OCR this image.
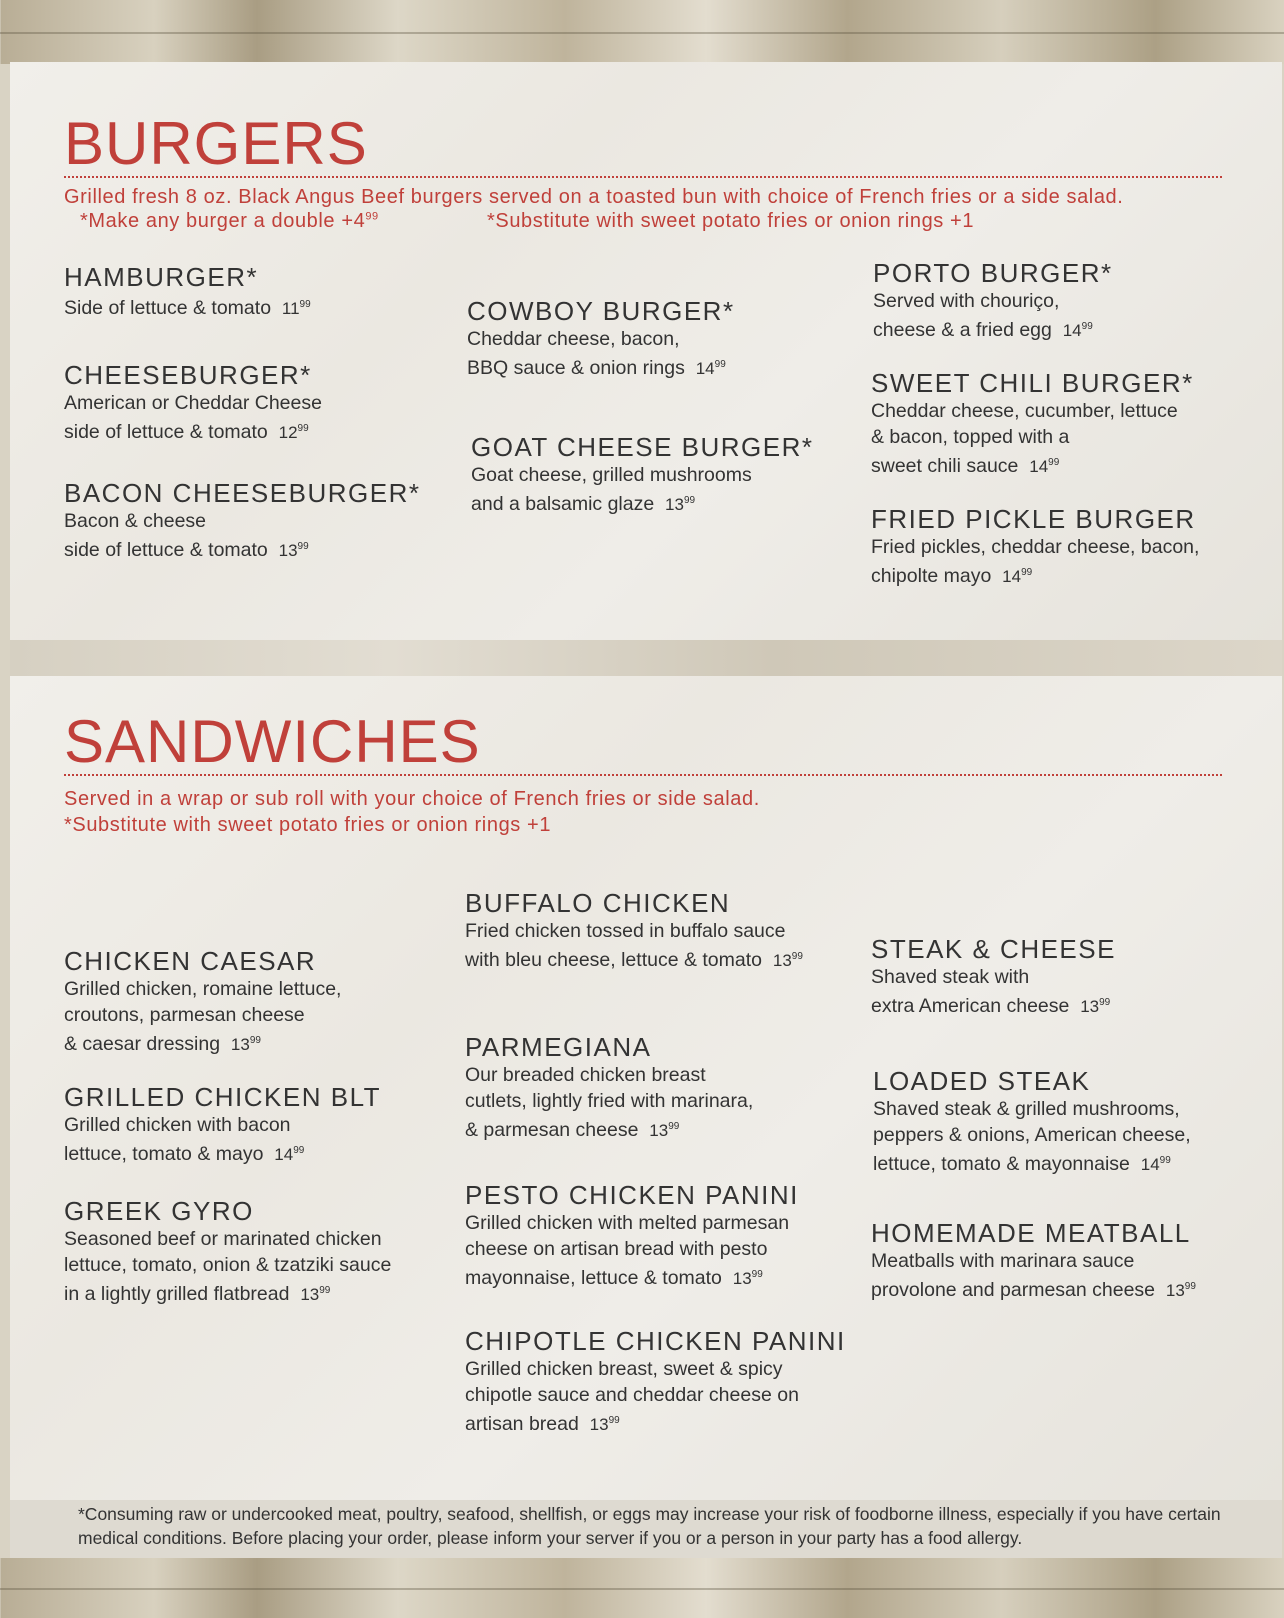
BURGERS
Grilled fresh 8 oz. Black Angus Beef burgers served on a toasted bun with choice of French fries or a side salad.
*Make any burger a double $+4^{99}$	*Substitute with sweet potato fries or onion rings +1
HAMBURGER*
Side of lettuce & tomato $11^{99}$
CHEESEBURGER*
American or Cheddar Cheese
side of lettuce & tomato $12^{99}$
BACON CHEESEBURGER*
Bacon & cheese
side of lettuce & tomato $13^{99}$
COWBOY BURGER*
Cheddar cheese, bacon,
BBQ sauce & onion rings $14^{99}$
GOAT CHEESE BURGER*
Goat cheese, grilled mushrooms
and a balsamic glaze $13^{99}$
PORTO BURGER*
Served with chouriço,
cheese & a fried egg $14^{99}$
SWEET CHILI BURGER*
Cheddar cheese, cucumber, lettuce
& bacon, topped with a
sweet chili sauce $14^{99}$
FRIED PICKLE BURGER
Fried pickles, cheddar cheese, bacon,
chipolte mayo $14^{99}$
SANDWICHES
Served in a wrap or sub roll with your choice of French fries or side salad.
*Substitute with sweet potato fries or onion rings +1
CHICKEN CAESAR
Grilled chicken, romaine lettuce,
croutons, parmesan cheese
& caesar dressing $13^{99}$
GRILLED CHICKEN BLT
Grilled chicken with bacon
lettuce, tomato & mayo $14^{99}$
GREEK GYRO
Seasoned beef or marinated chicken
lettuce, tomato, onion & tzatziki sauce
in a lightly grilled flatbread $13^{99}$
BUFFALO CHICKEN
Fried chicken tossed in buffalo sauce
with bleu cheese, lettuce & tomato $13^{99}$
PARMEGIANA
Our breaded chicken breast
cutlets, lightly fried with marinara,
& parmesan cheese $13^{99}$
PESTO CHICKEN PANINI
Grilled chicken with melted parmesan
cheese on artisan bread with pesto
mayonnaise, lettuce & tomato $13^{99}$
CHIPOTLE CHICKEN PANINI
Grilled chicken breast, sweet & spicy
chipotle sauce and cheddar cheese on
artisan bread $13^{99}$
STEAK & CHEESE
Shaved steak with
extra American cheese $13^{99}$
LOADED STEAK
Shaved steak & grilled mushrooms,
peppers & onions, American cheese,
lettuce, tomato & mayonnaise $14^{99}$
HOMEMADE MEATBALL
Meatballs with marinara sauce
provolone and parmesan cheese $13^{99}$
*Consuming raw or undercooked meat, poultry, seafood, shellfish, or eggs may increase your risk of foodborne illness, especially if you have certain medical conditions. Before placing your order, please inform your server if you or a person in your party has a food allergy.
